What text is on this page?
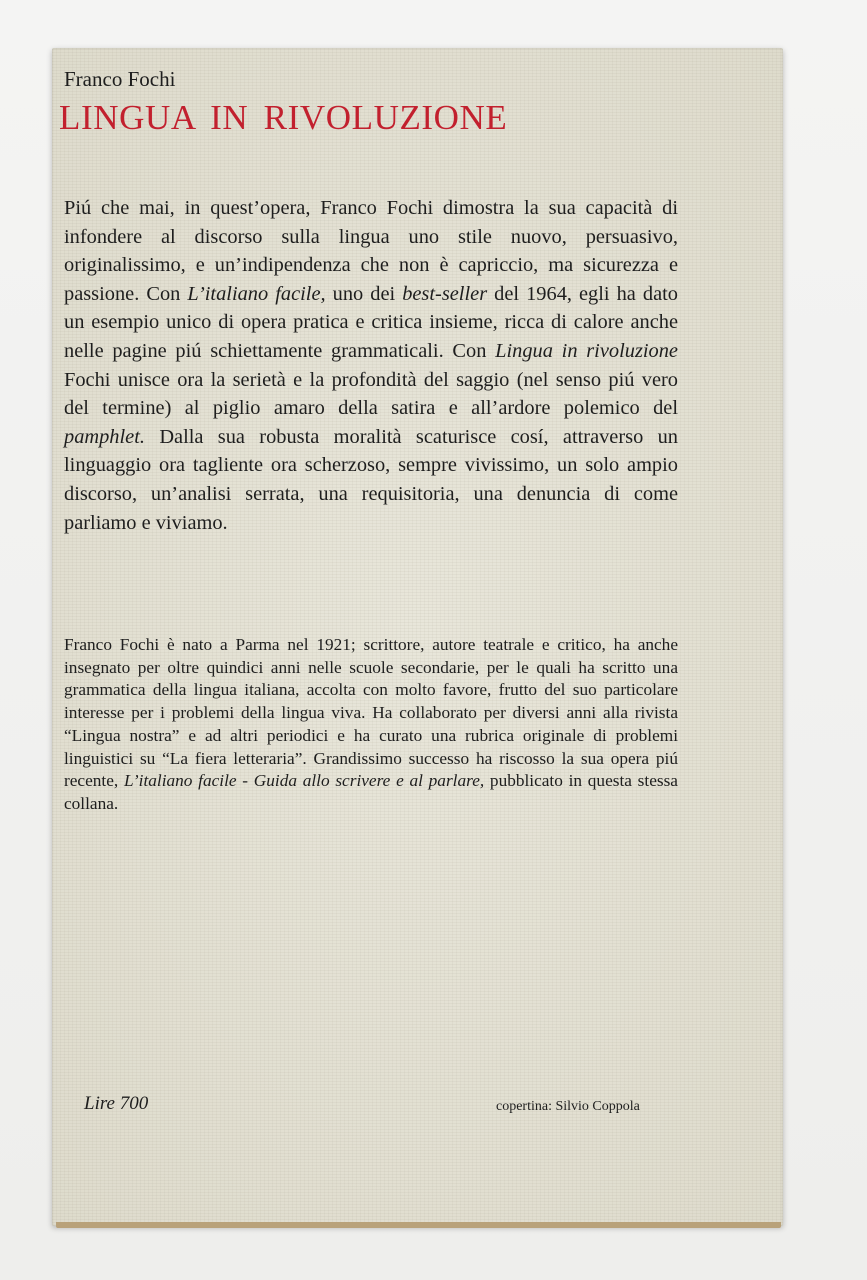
Franco Fochi

LINGUA IN RIVOLUZIONE

Piú che mai, in quest’opera, Franco Fochi dimostra la sua capacità di infondere al discorso sulla lingua uno stile nuovo, persuasivo, originalissimo, e un’indipendenza che non è capriccio, ma sicurezza e passione. Con L’italiano facile, uno dei best-seller del 1964, egli ha dato un esempio unico di opera pratica e critica insieme, ricca di calore anche nelle pagine piú schiettamente grammaticali. Con Lingua in rivoluzione Fochi unisce ora la serietà e la profondità del saggio (nel senso piú vero del termine) al piglio amaro della satira e all’ardore polemico del pamphlet. Dalla sua robusta moralità scaturisce cosí, attraverso un linguaggio ora tagliente ora scherzoso, sempre vivissimo, un solo ampio discorso, un’analisi serrata, una requisitoria, una denuncia di come parliamo e viviamo.

Franco Fochi è nato a Parma nel 1921; scrittore, autore teatrale e critico, ha anche insegnato per oltre quindici anni nelle scuole secondarie, per le quali ha scritto una grammatica della lingua italiana, accolta con molto favore, frutto del suo particolare interesse per i problemi della lingua viva. Ha collaborato per diversi anni alla rivista “Lingua nostra” e ad altri periodici e ha curato una rubrica originale di problemi linguistici su “La fiera letteraria”. Grandissimo successo ha riscosso la sua opera piú recente, L’italiano facile - Guida allo scrivere e al parlare, pubblicato in questa stessa collana.

Lire 700	copertina: Silvio Coppola
